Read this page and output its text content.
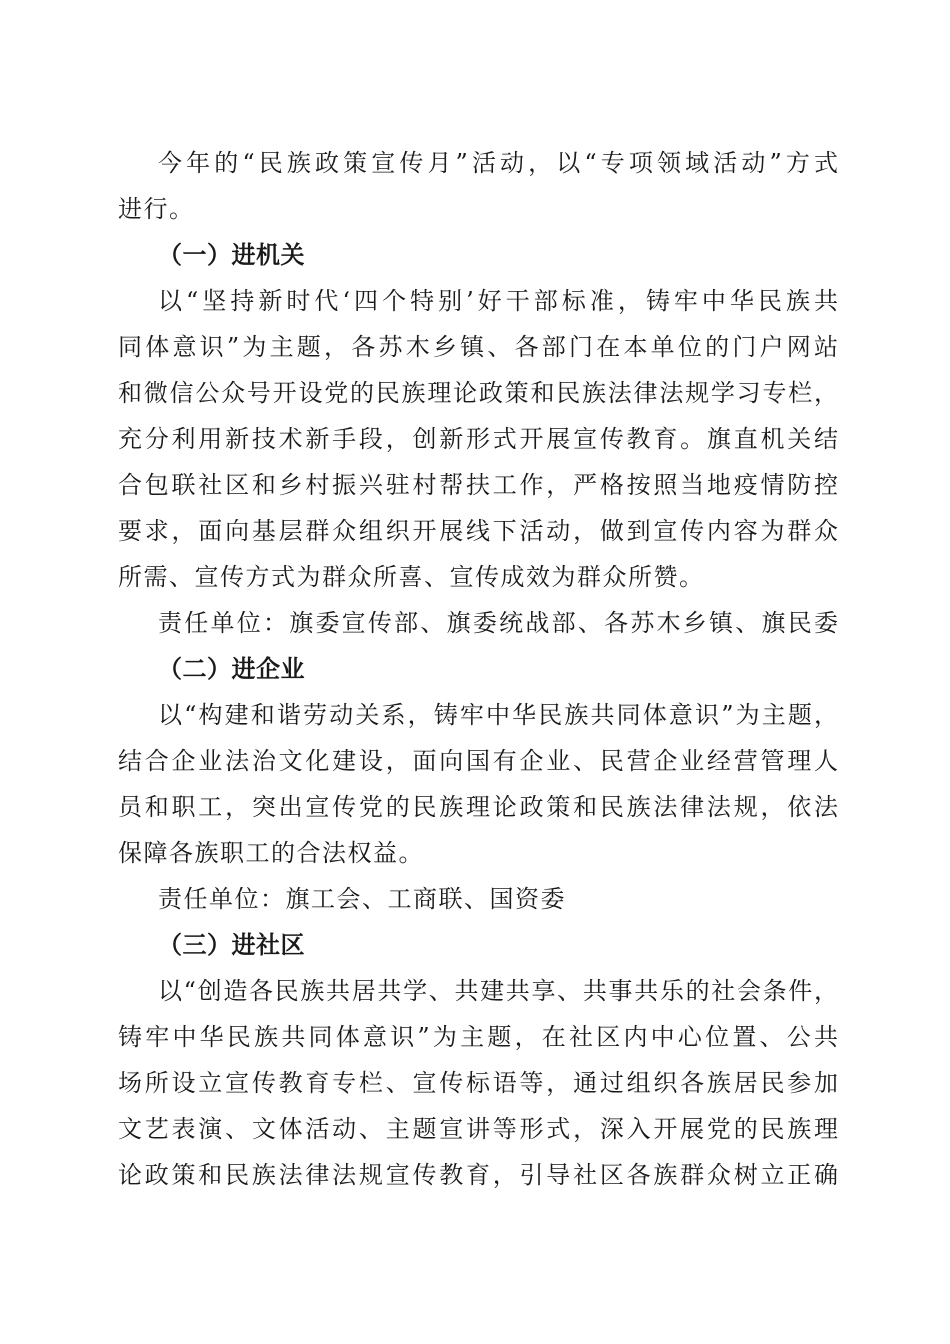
今年的“民族政策宣传月”活动，以“专项领域活动”方式
进行。
（一）进机关
以“坚持新时代‘四个特别’好干部标准，铸牢中华民族共
同体意识”为主题，各苏木乡镇、各部门在本单位的门户网站
和微信公众号开设党的民族理论政策和民族法律法规学习专栏，
充分利用新技术新手段，创新形式开展宣传教育。旗直机关结
合包联社区和乡村振兴驻村帮扶工作，严格按照当地疫情防控
要求，面向基层群众组织开展线下活动，做到宣传内容为群众
所需、宣传方式为群众所喜、宣传成效为群众所赞。
责任单位：旗委宣传部、旗委统战部、各苏木乡镇、旗民委
（二）进企业
以“构建和谐劳动关系，铸牢中华民族共同体意识”为主题，
结合企业法治文化建设，面向国有企业、民营企业经营管理人
员和职工，突出宣传党的民族理论政策和民族法律法规，依法
保障各族职工的合法权益。
责任单位：旗工会、工商联、国资委
（三）进社区
以“创造各民族共居共学、共建共享、共事共乐的社会条件，
铸牢中华民族共同体意识”为主题，在社区内中心位置、公共
场所设立宣传教育专栏、宣传标语等，通过组织各族居民参加
文艺表演、文体活动、主题宣讲等形式，深入开展党的民族理
论政策和民族法律法规宣传教育，引导社区各族群众树立正确
